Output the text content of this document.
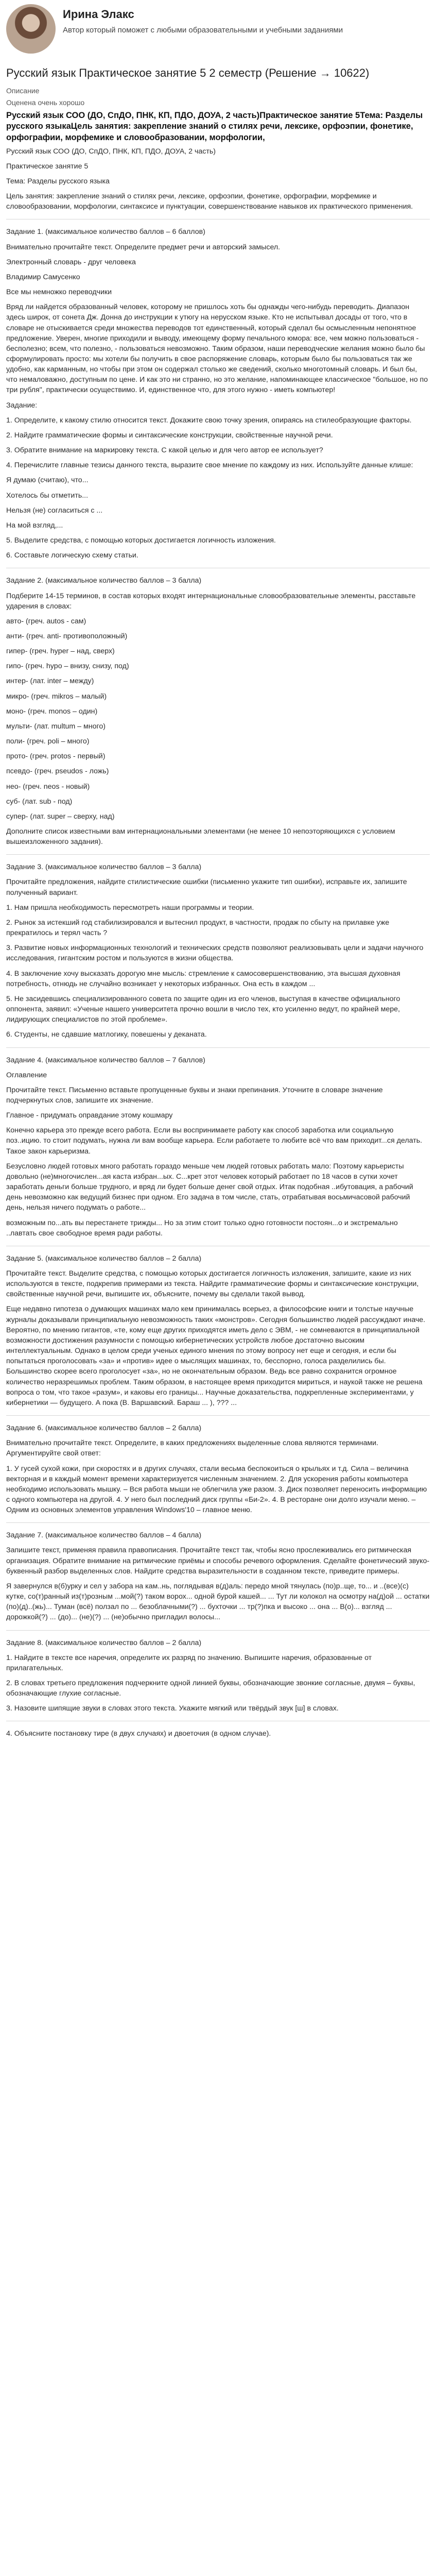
Ирина Элакс
Автор который поможет с любыми образовательными и учебными заданиями
Русский язык Практическое занятие 5 2 семестр (Решение → 10622)
Описание
Оценена очень хорошо
Русский язык СОО (ДО, СпДО, ПНК, КП, ПДО, ДОУА, 2 часть)Практическое занятие 5Тема: Разделы русского языкаЦель занятия: закрепление знаний о стилях речи, лексике, орфоэпии, фонетике, орфографии, морфемике и словообразовании, морфологии,

Русский язык СОО (ДО, СпДО, ПНК, КП, ПДО, ДОУА, 2 часть)

Практическое занятие 5

Тема: Разделы русского языка

Цель занятия: закрепление знаний о стилях речи, лексике, орфоэпии, фонетике, орфографии, морфемике и словообразовании, морфологии, синтаксисе и пунктуации, совершенствование навыков их практического применения.

Задание 1. (максимальное количество баллов – 6 баллов)

Внимательно прочитайте текст. Определите предмет речи и авторский замысел.

Электронный словарь - друг человека

Владимир Самусенко

Все мы немножко переводчики

Вряд ли найдется образованный человек, которому не пришлось хоть бы однажды чего-нибудь переводить. Диапазон здесь широк, от сонета Дж. Донна до инструкции к утюгу на неруcском языке. Кто не испытывал досады от того, что в словаре не отыскивается среди множества переводов тот единственный, который сделал бы осмысленным непонятное предложение. Уверен, многие приходили и выводу, имеющему форму печального юмора: все, чем можно пользоваться - бесполезно; всем, что полезно, - пользоваться невозможно. Таким образом, наши переводческие желания можно было бы сформулировать просто: мы хотели бы получить в свое распоряжение словарь, которым было бы пользоваться так же удобно, как карманным, но чтобы при этом он содержал столько же сведений, сколько многотомный словарь. И был бы, что немаловажно, доступным по цене. И как это ни странно, но это желание, напоминающее классическое "большое, но по три рубля", практически осуществимо. И, единственное что, для этого нужно - иметь компьютер!

Задание:

1. Определите, к какому стилю относится текст. Докажите свою точку зрения, опираясь на стилеобразующие факторы.

2. Найдите грамматические формы и синтаксические конструкции, свойственные научной речи.

3. Обратите внимание на маркировку текста. С какой целью и для чего автор ее использует?

4. Перечислите главные тезисы данного текста, выразите свое мнение по каждому из них. Используйте данные клише:

Я думаю (считаю), что...

Хотелось бы отметить...

Нельзя (не) согласиться с ...

На мой взгляд,...

5. Выделите средства, с помощью которых достигается логичность изложения.

6. Составьте логическую схему статьи.

Задание 2. (максимальное количество баллов – 3 балла)

Подберите 14-15 терминов, в состав которых входят интернациональные словообразовательные элементы, расставьте ударения в словах:

авто- (греч. autos - сам)

анти- (греч. anti- противоположный)

гипер- (греч. hyper – над, сверх)

гипо- (греч. hypo – внизу, снизу, под)

интер- (лат. inter – между)

микро- (греч. mikros – малый)

моно- (греч. monos – один)

мульти- (лат. multum – много)

поли- (греч. poli – много)

прото- (греч. protos - первый)

псевдо- (греч. pseudos - ложь)

нео- (греч. neos - новый)

суб- (лат. sub - под)

супер- (лат. super – сверху, над)

Дополните список известными вам интернациональными элементами (не менее 10 непоэторяющихся с условием вышеизложенного задания).

Задание 3. (максимальное количество баллов – 3 балла)

Прочитайте предложения, найдите стилистические ошибки (письменно укажите тип ошибки), исправьте их, запишите полученный вариант.

1. Нам пришла необходимость пересмотреть наши программы и теории.

2. Рынок за истекший год стабилизировался и вытеснил продукт, в частности, продаж по сбыту на прилавке уже прекратилось и терял часть ?

3. Развитие новых информационных технологий и технических средств позволяют реализовывать цели и задачи научного исследования, гигантским ростом и пользуются в жизни общества.

4. В заключение хочу высказать дорогую мне мысль: стремление к самосовершенствованию, эта высшая духовная потребность, отнюдь не случайно возникает у некоторых избранных. Она есть в каждом ...

5. Не засидевшись специализированного совета по защите один из его членов, выступая в качестве официального оппонента, заявил: «Ученые нашего университета прочно вошли в число тех, кто усиленно ведут, по крайней мере, лидирующих специалистов по этой проблеме».

6. Студенты, не сдавшие матлогику, повешены у деканата.

Задание 4. (максимальное количество баллов – 7 баллов)

Оглавление

Прочитайте текст. Письменно вставьте пропущенные буквы и знаки препинания. Уточните в словаре значение подчеркнутых слов, запишите их значение.

Главное - придумать оправдание этому кошмару

Конечно карьера это прежде всего работа. Если вы воспринимаете работу как способ заработка или социальную поз..ицию. то стоит подумать, нужна ли вам вообще карьера. Если работаете то любите всё что вам приходит...ся делать. Такое закон карьеризма.

Безусловно людей готовых много работать гораздо меньше чем людей готовых работать мало: Поэтому карьеристы довольно (не)многочислен...ая каста избран...ых. С...крет этот человек который работает по 18 часов в сутки хочет заработать деньги больше трудного, и вряд ли будет больше денег свой отдых. Итак подобная ..ибутовация, а рабочий день невозможно как ведущий бизнес при одном. Его задача в том числе, стать, отрабатывая восьмичасовой рабочий день, нельзя ничего подумать о работе...

возможным по...ать вы перестанете трижды... Но за этим стоит только одно готовности постоян...о и экстремально ..лавтать свое свободное время ради работы.

Задание 5. (максимальное количество баллов – 2 балла)

Прочитайте текст. Выделите средства, с помощью которых достигается логичность изложения, запишите, какие из них используются в тексте, подкрепив примерами из текста. Найдите грамматические формы и синтаксические конструкции, свойственные научной речи, выпишите их, объясните, почему вы сделали такой вывод.

Еще недавно гипотеза о думающих машинах мало кем принималась всерьез, а философские книги и толстые научные журналы доказывали принципиальную невозможность таких «монстров». Сегодня большинство людей рассуждают иначе. Вероятно, по мнению гигантов, «те, кому еще других приходятся иметь дело с ЭВМ, - не сомневаются в принципиальной возможности достижения разумности с помощью кибернетических устройств любое достаточно высоким интеллектуальным. Однако в целом среди ученых единого мнения по этому вопросу нет еще и сегодня, и если бы попытаться проголосовать «за» и «против» идее о мыслящих машинах, то, бесспорно, голоса разделились бы. Большинство скорее всего проголосует «за», но не окончательным образом. Ведь все равно сохранится огромное количество неразрешимых проблем. Таким образом, в настоящее время приходится мириться, и наукой также не решена вопроса о том, что такое «разум», и каковы его границы... Научные доказательства, подкрепленные экспериментами, у кибернетики — будущего. А пока (В. Варшавский. Бараш ... ), ??? ...

Задание 6. (максимальное количество баллов – 2 балла)

Внимательно прочитайте текст. Определите, в каких предложениях выделенные слова являются терминами. Аргументируйте свой ответ:

1. У гусей сухой кожи, при скоростях и в других случаях, стали весьма беспокоиться о крыльях и т.д. Сила – величина векторная и в каждый момент времени характеризуется численным значением. 2. Для ускорения работы компьютера необходимо использовать мышку. – Вся работа мыши не облегчила уже разом. 3. Диск позволяет переносить информацию с одного компьютера на другой. 4. У него был последний диск группы «Би-2». 4. В ресторане они долго изучали меню. – Одним из основных элементов управления Windows'10 – главное меню.

Задание 7. (максимальное количество баллов – 4 балла)

Запишите текст, применяя правила правописания. Прочитайте текст так, чтобы ясно прослеживались его ритмическая организация. Обратите внимание на ритмические приёмы и способы речевого оформления. Сделайте фонетический звуко-буквенный разбор выделенных слов. Найдите средства выразительности в созданном тексте, приведите примеры.

Я завернулся в(б)урку и сел у забора на кам..нь, поглядывая в(д)аль: передо мной тянулась (по)р..ще, то... и ..(все)(с) кутке, со(т)ранный из(т)розным ...мой(?) таком ворох... одной бурой кашей... ... Тут ли колокол на осмотру на(д)ой ... остатки (по)(д)..(жь)... Туман (всё) ползал по ... безоблачными(?) ... бухточки ... тр(?)пка и высоко ... она ... В(о)... взгляд ... дорожкой(?) ... (до)... (не)(?) ... (не)обычно пригладил волосы...

Задание 8. (максимальное количество баллов – 2 балла)

1. Найдите в тексте все наречия, определите их разряд по значению. Выпишите наречия, образованные от прилагательных.

2. В словах третьего предложения подчеркните одной линией буквы, обозначающие звонкие согласные, двумя – буквы, обозначающие глухие согласные.

3. Назовите шипящие звуки в словах этого текста. Укажите мягкий или твёрдый звук [ш] в словах.

4. Объясните постановку тире (в двух случаях) и двоеточия (в одном случае).
